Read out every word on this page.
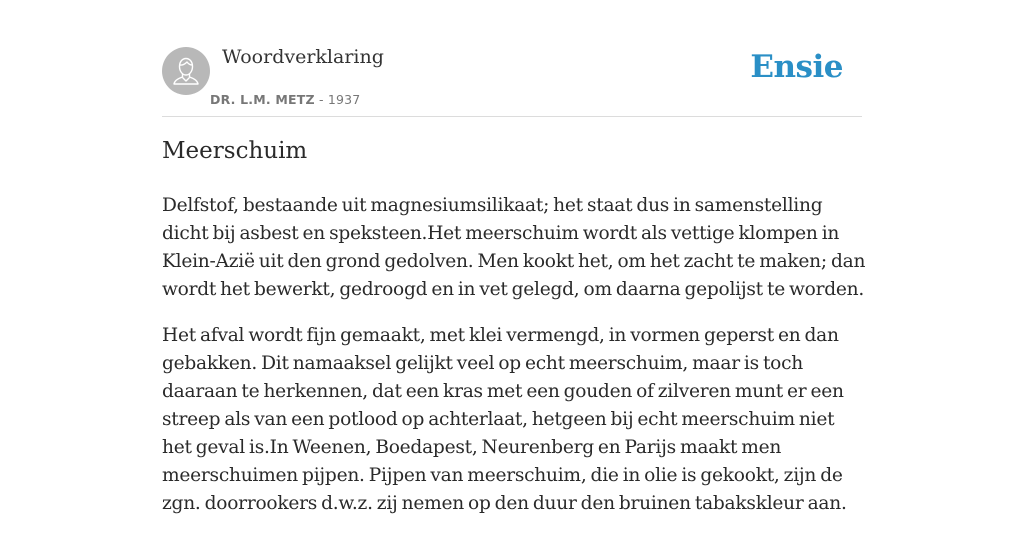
Woordverklaring
DR. L.M. METZ - 1937
Ensie
Meerschuim

Delfstof, bestaande uit magnesiumsilikaat; het staat dus in samenstelling dicht bij asbest en speksteen.Het meerschuim wordt als vettige klompen in Klein-Azië uit den grond gedolven. Men kookt het, om het zacht te maken; dan wordt het bewerkt, gedroogd en in vet gelegd, om daarna gepolijst te worden.

Het afval wordt fijn gemaakt, met klei vermengd, in vormen geperst en dan gebakken. Dit namaaksel gelijkt veel op echt meerschuim, maar is toch daaraan te herkennen, dat een kras met een gouden of zilveren munt er een streep als van een potlood op achterlaat, hetgeen bij echt meerschuim niet het geval is.In Weenen, Boedapest, Neurenberg en Parijs maakt men meerschuimen pijpen. Pijpen van meerschuim, die in olie is gekookt, zijn de zgn. doorrookers d.w.z. zij nemen op den duur den bruinen tabakskleur aan.
